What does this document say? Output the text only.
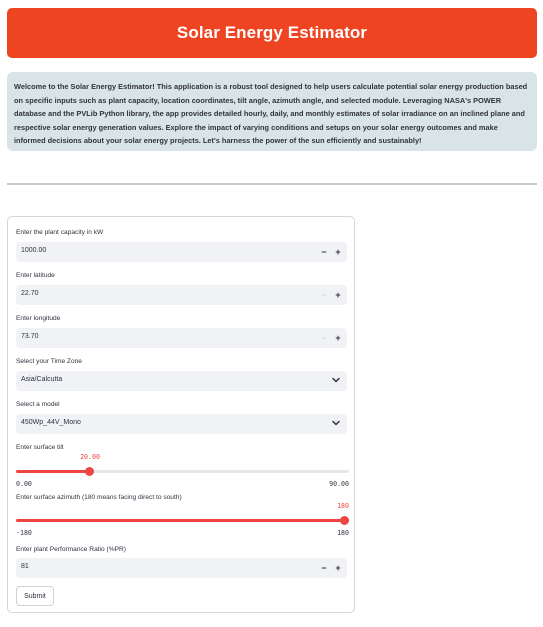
Solar Energy Estimator

Welcome to the Solar Energy Estimator! This application is a robust tool designed to help users calculate potential solar energy production based on specific inputs such as plant capacity, location coordinates, tilt angle, azimuth angle, and selected module. Leveraging NASA's POWER database and the PVLib Python library, the app provides detailed hourly, daily, and monthly estimates of solar irradiance on an inclined plane and respective solar energy generation values. Explore the impact of varying conditions and setups on your solar energy outcomes and make informed decisions about your solar energy projects. Let's harness the power of the sun efficiently and sustainably!

Enter the plant capacity in kW
1000.00	− +
Enter latitude
22.70	− +
Enter longitude
73.70	− +
Select your Time Zone
Asia/Calcutta
Select a model
450Wp_44V_Mono
Enter surface tilt
20.00
0.00	90.00
Enter surface azimuth (180 means facing direct to south)
180
-180	180
Enter plant Performance Ratio (%PR)
81	− +
Submit
